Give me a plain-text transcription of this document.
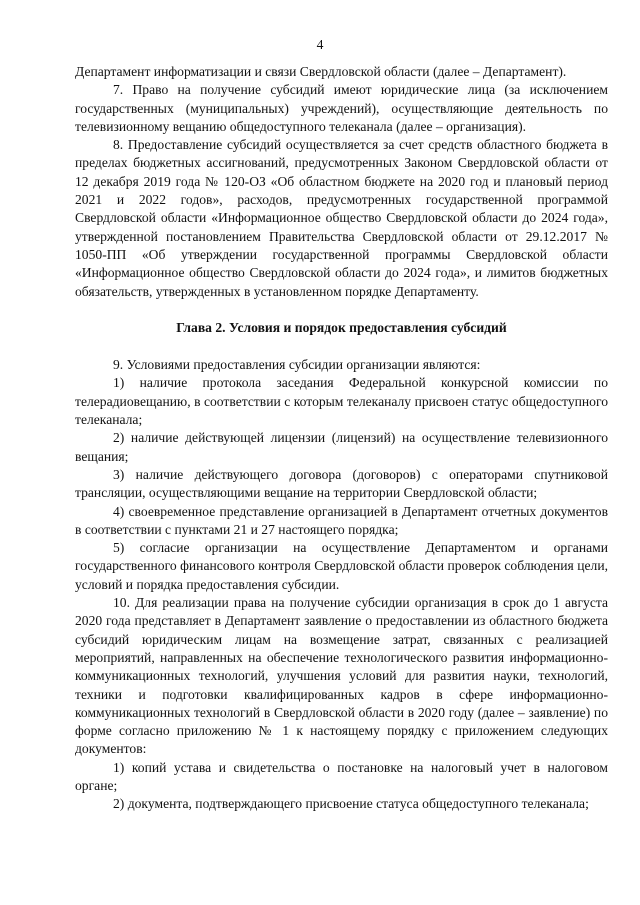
4

Департамент информатизации и связи Свердловской области (далее – Департамент).

7. Право на получение субсидий имеют юридические лица (за исключением государственных (муниципальных) учреждений), осуществляющие деятельность по телевизионному вещанию общедоступного телеканала (далее – организация).

8. Предоставление субсидий осуществляется за счет средств областного бюджета в пределах бюджетных ассигнований, предусмотренных Законом Свердловской области от 12 декабря 2019 года № 120-ОЗ «Об областном бюджете на 2020 год и плановый период 2021 и 2022 годов», расходов, предусмотренных государственной программой Свердловской области «Информационное общество Свердловской области до 2024 года», утвержденной постановлением Правительства Свердловской области от 29.12.2017 № 1050-ПП «Об утверждении государственной программы Свердловской области «Информационное общество Свердловской области до 2024 года», и лимитов бюджетных обязательств, утвержденных в установленном порядке Департаменту.

Глава 2. Условия и порядок предоставления субсидий

9. Условиями предоставления субсидии организации являются:

1) наличие протокола заседания Федеральной конкурсной комиссии по телерадиовещанию, в соответствии с которым телеканалу присвоен статус общедоступного телеканала;

2) наличие действующей лицензии (лицензий) на осуществление телевизионного вещания;

3) наличие действующего договора (договоров) с операторами спутниковой трансляции, осуществляющими вещание на территории Свердловской области;

4) своевременное представление организацией в Департамент отчетных документов в соответствии с пунктами 21 и 27 настоящего порядка;

5) согласие организации на осуществление Департаментом и органами государственного финансового контроля Свердловской области проверок соблюдения цели, условий и порядка предоставления субсидии.

10. Для реализации права на получение субсидии организация в срок до 1 августа 2020 года представляет в Департамент заявление о предоставлении из областного бюджета субсидий юридическим лицам на возмещение затрат, связанных с реализацией мероприятий, направленных на обеспечение технологического развития информационно-коммуникационных технологий, улучшения условий для развития науки, технологий, техники и подготовки квалифицированных кадров в сфере информационно-коммуникационных технологий в Свердловской области в 2020 году (далее – заявление) по форме согласно приложению № 1 к настоящему порядку с приложением следующих документов:

1) копий устава и свидетельства о постановке на налоговый учет в налоговом органе;

2) документа, подтверждающего присвоение статуса общедоступного телеканала;
